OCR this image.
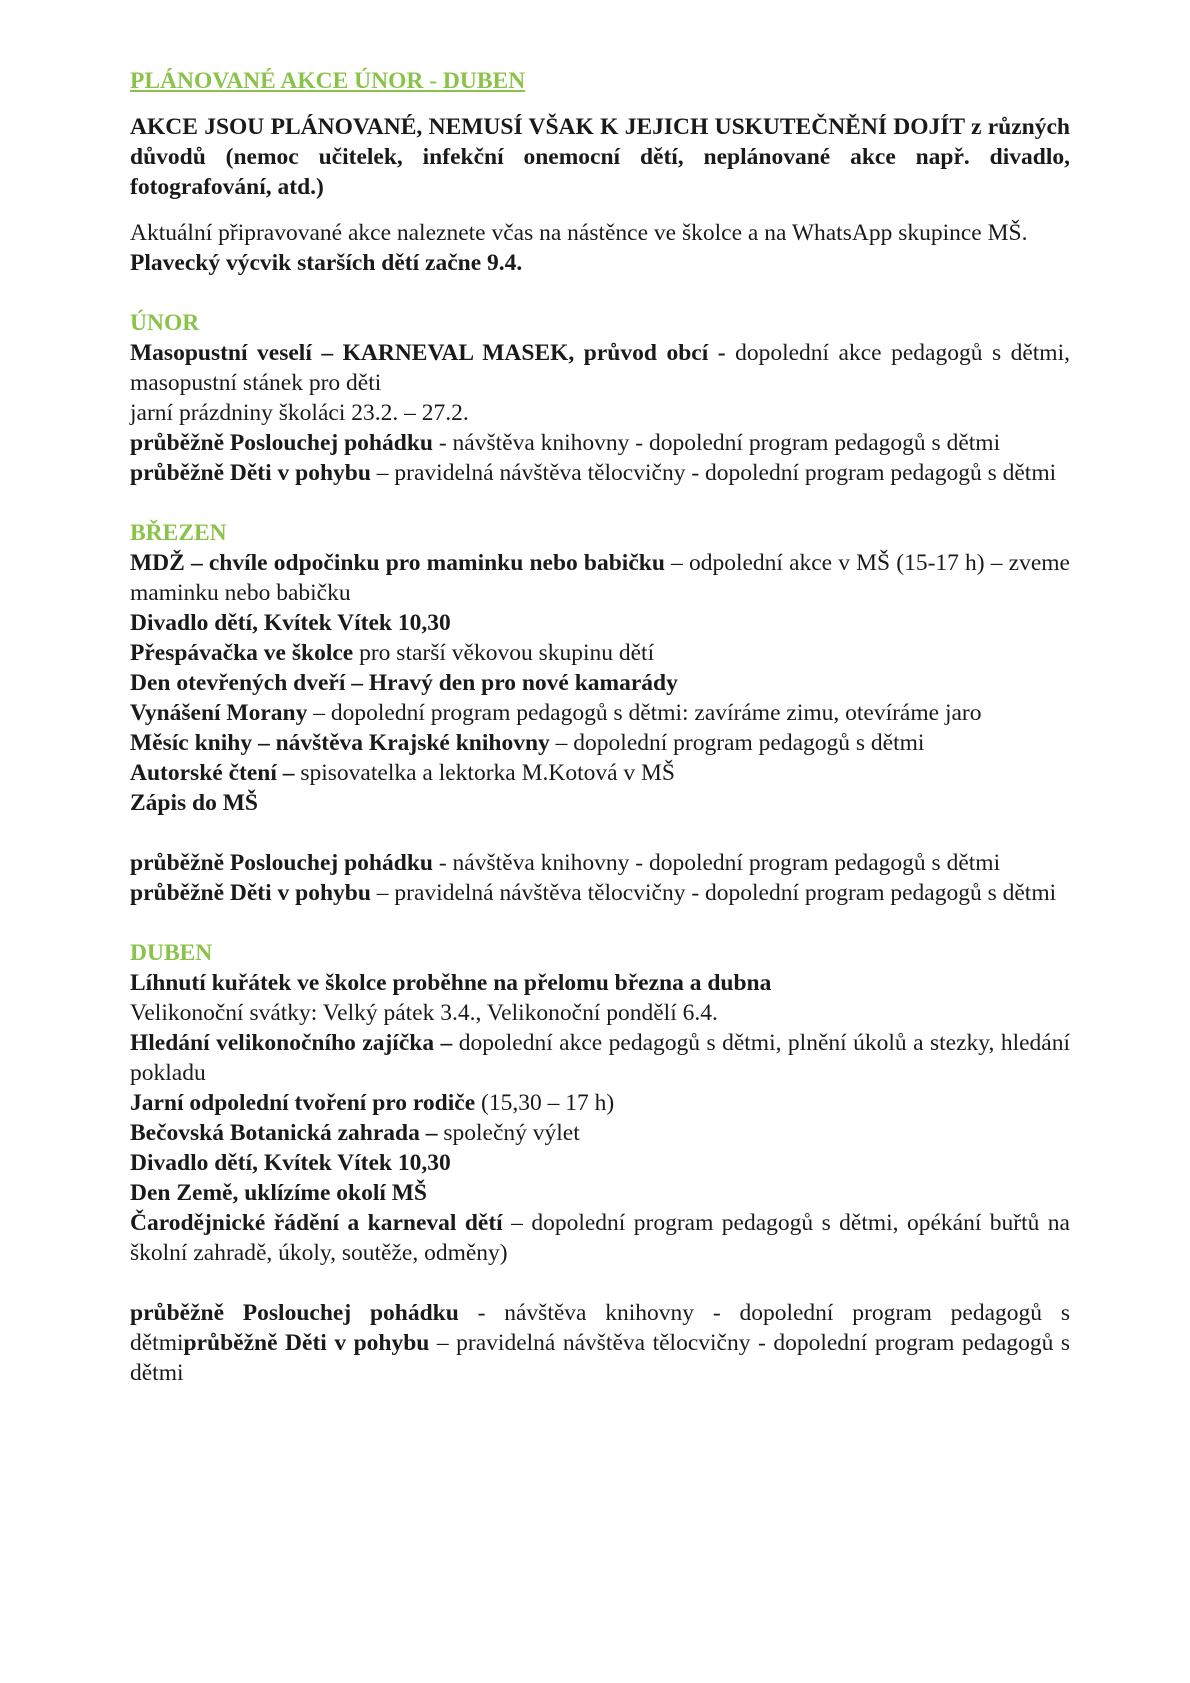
PLÁNOVANÉ AKCE ÚNOR - DUBEN

AKCE JSOU PLÁNOVANÉ, NEMUSÍ VŠAK K JEJICH USKUTEČNĚNÍ DOJÍT z různých důvodů (nemoc učitelek, infekční onemocní dětí, neplánované akce např. divadlo, fotografování, atd.)

Aktuální připravované akce naleznete včas na nástěnce ve školce a na WhatsApp skupince MŠ.

Plavecký výcvik starších dětí začne 9.4.

ÚNOR

Masopustní veselí – KARNEVAL MASEK, průvod obcí - dopolední akce pedagogů s dětmi, masopustní stánek pro děti

jarní prázdniny školáci 23.2. – 27.2.

průběžně Poslouchej pohádku - návštěva knihovny - dopolední program pedagogů s dětmi

průběžně Děti v pohybu – pravidelná návštěva tělocvičny - dopolední program pedagogů s dětmi

BŘEZEN

MDŽ – chvíle odpočinku pro maminku nebo babičku – odpolední akce v MŠ (15-17 h) – zveme maminku nebo babičku

Divadlo dětí, Kvítek Vítek 10,30

Přespávačka ve školce pro starší věkovou skupinu dětí

Den otevřených dveří – Hravý den pro nové kamarády

Vynášení Morany – dopolední program pedagogů s dětmi: zavíráme zimu, otevíráme jaro

Měsíc knihy – návštěva Krajské knihovny – dopolední program pedagogů s dětmi

Autorské čtení – spisovatelka a lektorka M.Kotová v MŠ

Zápis do MŠ

průběžně Poslouchej pohádku - návštěva knihovny - dopolední program pedagogů s dětmi

průběžně Děti v pohybu – pravidelná návštěva tělocvičny - dopolední program pedagogů s dětmi

DUBEN

Líhnutí kuřátek ve školce proběhne na přelomu března a dubna

Velikonoční svátky: Velký pátek 3.4., Velikonoční pondělí 6.4.

Hledání velikonočního zajíčka – dopolední akce pedagogů s dětmi, plnění úkolů a stezky, hledání pokladu

Jarní odpolední tvoření pro rodiče (15,30 – 17 h)

Bečovská Botanická zahrada – společný výlet

Divadlo dětí, Kvítek Vítek 10,30

Den Země, uklízíme okolí MŠ

Čarodějnické řádění a karneval dětí – dopolední program pedagogů s dětmi, opékání buřtů na školní zahradě, úkoly, soutěže, odměny)

průběžně Poslouchej pohádku - návštěva knihovny - dopolední program pedagogů s dětmiprůběžně Děti v pohybu – pravidelná návštěva tělocvičny - dopolední program pedagogů s dětmi
